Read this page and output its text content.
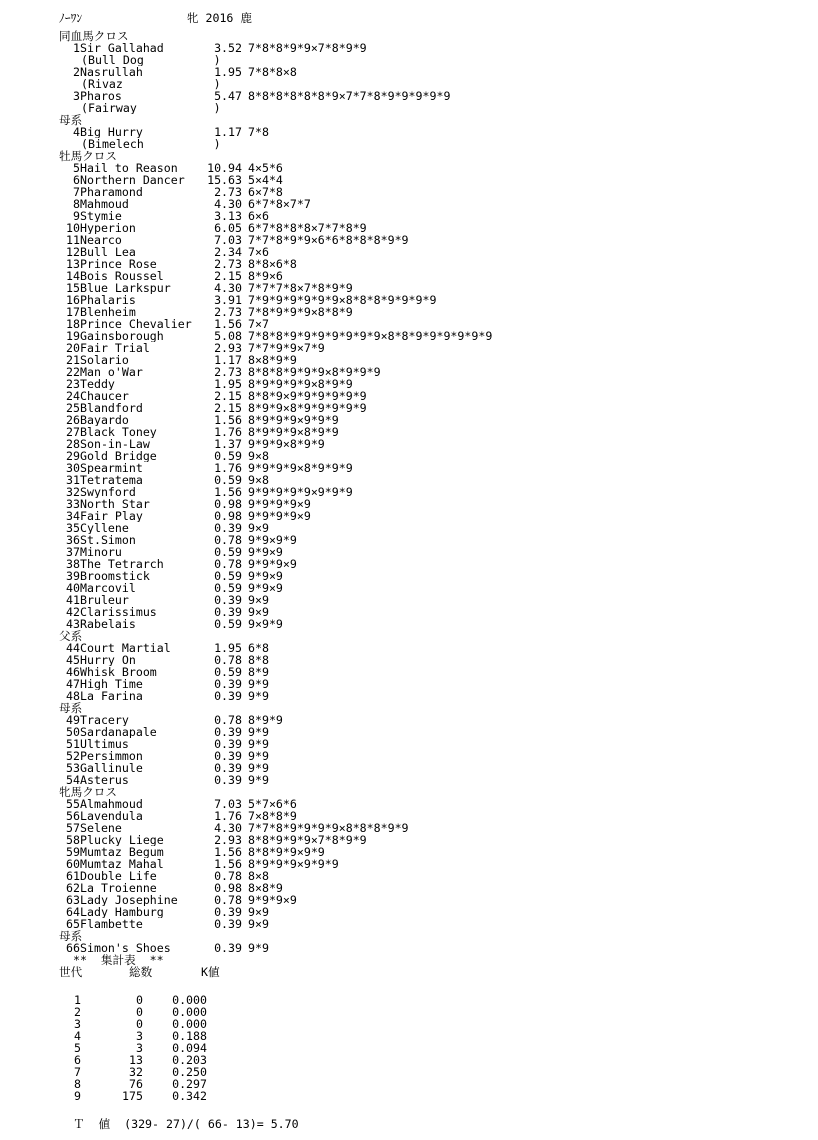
ﾉｰﾜﾝ	牝 2016 鹿
同血馬クロス
1Sir Gallahad	3.52 7*8*8*9*9×7*8*9*9
(Bull Dog          )
2Nasrullah	1.95 7*8*8×8
(Rivaz             )
3Pharos	5.47 8*8*8*8*8*8*9×7*7*8*9*9*9*9*9
(Fairway           )
母系
4Big Hurry	1.17 7*8
(Bimelech          )
牡馬クロス
5Hail to Reason	10.94 4×5*6
6Northern Dancer 15.63 5×4*4
7Pharamond	2.73 6×7*8
8Mahmoud	4.30 6*7*8×7*7
9Stymie	3.13 6×6
10Hyperion	6.05 6*7*8*8*8×7*7*8*9
11Nearco	7.03 7*7*8*9*9×6*6*8*8*8*9*9
12Bull Lea	2.34 7×6
13Prince Rose	2.73 8*8×6*8
14Bois Roussel	2.15 8*9×6
15Blue Larkspur	4.30 7*7*7*8×7*8*9*9
16Phalaris	3.91 7*9*9*9*9*9*9×8*8*8*9*9*9*9
17Blenheim	2.73 7*8*9*9*9×8*8*9
18Prince Chevalier 1.56 7×7
19Gainsborough	5.08 7*8*8*9*9*9*9*9*9*9×8*8*9*9*9*9*9*9
20Fair Trial	2.93 7*7*9*9×7*9
21Solario	1.17 8×8*9*9
22Man o'War	2.73 8*8*8*9*9*9×8*9*9*9
23Teddy	1.95 8*9*9*9*9×8*9*9
24Chaucer	2.15 8*8*9×9*9*9*9*9*9
25Blandford	2.15 8*9*9×8*9*9*9*9*9
26Bayardo	1.56 8*9*9*9×9*9*9
27Black Toney	1.76 8*9*9*9×8*9*9
28Son-in-Law	1.37 9*9*9×8*9*9
29Gold Bridge	0.59 9×8
30Spearmint	1.76 9*9*9*9×8*9*9*9
31Tetratema	0.59 9×8
32Swynford	1.56 9*9*9*9*9×9*9*9
33North Star	0.98 9*9*9*9×9
34Fair Play	0.98 9*9*9*9×9
35Cyllene	0.39 9×9
36St.Simon	0.78 9*9×9*9
37Minoru	0.59 9*9×9
38The Tetrarch	0.78 9*9*9×9
39Broomstick	0.59 9*9×9
40Marcovil	0.59 9*9×9
41Bruleur	0.39 9×9
42Clarissimus	0.39 9×9
43Rabelais	0.59 9×9*9
父系
44Court Martial	1.95 6*8
45Hurry On	0.78 8*8
46Whisk Broom	0.59 8*9
47High Time	0.39 9*9
48La Farina	0.39 9*9
母系
49Tracery	0.78 8*9*9
50Sardanapale	0.39 9*9
51Ultimus	0.39 9*9
52Persimmon	0.39 9*9
53Gallinule	0.39 9*9
54Asterus	0.39 9*9
牝馬クロス
55Almahmoud	7.03 5*7×6*6
56Lavendula	1.76 7×8*8*9
57Selene	4.30 7*7*8*9*9*9*9×8*8*8*9*9
58Plucky Liege	2.93 8*8*9*9*9×7*8*9*9
59Mumtaz Begum	1.56 8*8*9*9×9*9
60Mumtaz Mahal	1.56 8*9*9*9×9*9*9
61Double Life	0.78 8×8
62La Troienne	0.98 8×8*9
63Lady Josephine	0.78 9*9*9×9
64Lady Hamburg	0.39 9×9
65Flambette	0.39 9×9
母系
66Simon's Shoes	0.39 9*9
**  集計表  **
世代	総数	K値
1	0	0.000
2	0	0.000
3	0	0.000
4	3	0.188
5	3	0.094
6	13	0.203
7	32	0.250
8	76	0.297
9	175	0.342
Ｔ  値  (329- 27)/( 66- 13)= 5.70
